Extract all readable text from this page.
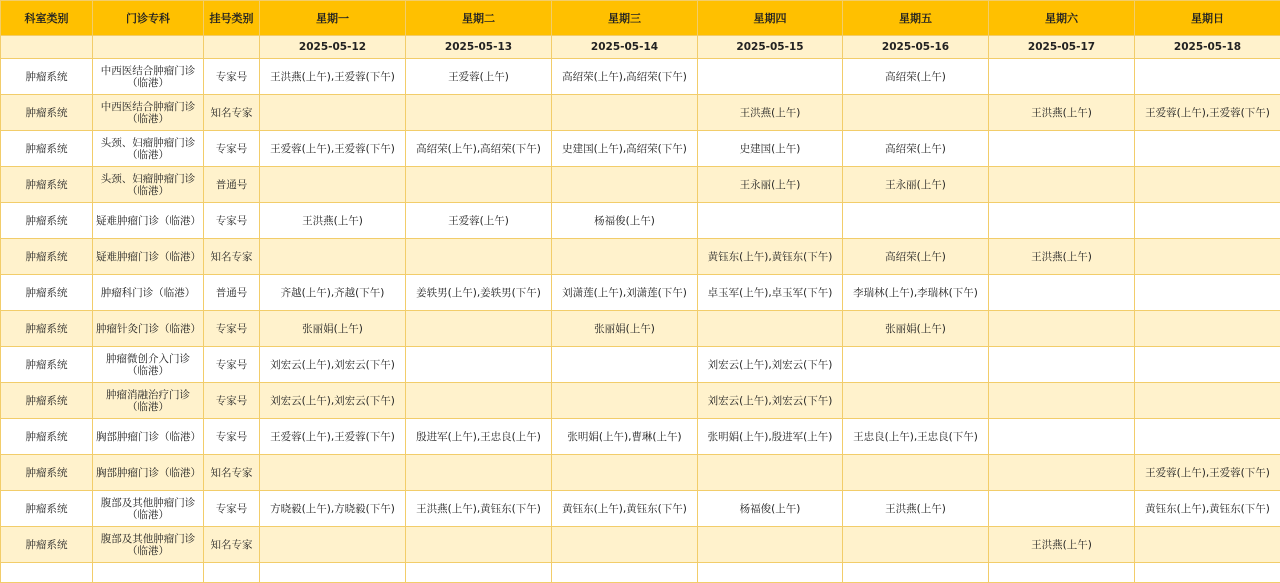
科室类别	门诊专科	挂号类别	星期一	星期二	星期三	星期四	星期五	星期六	星期日
			2025-05-12	2025-05-13	2025-05-14	2025-05-15	2025-05-16	2025-05-17	2025-05-18
肿瘤系统	中西医结合肿瘤门诊（临港）	专家号	王洪燕(上午),王爱蓉(下午)	王爱蓉(上午)	高绍荣(上午),高绍荣(下午)		高绍荣(上午)		
肿瘤系统	中西医结合肿瘤门诊（临港）	知名专家				王洪燕(上午)		王洪燕(上午)	王爱蓉(上午),王爱蓉(下午)
肿瘤系统	头颈、妇瘤肿瘤门诊（临港）	专家号	王爱蓉(上午),王爱蓉(下午)	高绍荣(上午),高绍荣(下午)	史建国(上午),高绍荣(下午)	史建国(上午)	高绍荣(上午)		
肿瘤系统	头颈、妇瘤肿瘤门诊（临港）	普通号				王永丽(上午)	王永丽(上午)		
肿瘤系统	疑难肿瘤门诊（临港）	专家号	王洪燕(上午)	王爱蓉(上午)	杨福俊(上午)				
肿瘤系统	疑难肿瘤门诊（临港）	知名专家				黄钰东(上午),黄钰东(下午)	高绍荣(上午)	王洪燕(上午)	
肿瘤系统	肿瘤科门诊（临港）	普通号	齐越(上午),齐越(下午)	姜轶男(上午),姜轶男(下午)	刘潇莲(上午),刘潇莲(下午)	卓玉军(上午),卓玉军(下午)	李瑞林(上午),李瑞林(下午)		
肿瘤系统	肿瘤针灸门诊（临港）	专家号	张丽娟(上午)		张丽娟(上午)		张丽娟(上午)		
肿瘤系统	肿瘤微创介入门诊（临港）	专家号	刘宏云(上午),刘宏云(下午)			刘宏云(上午),刘宏云(下午)			
肿瘤系统	肿瘤消融治疗门诊（临港）	专家号	刘宏云(上午),刘宏云(下午)			刘宏云(上午),刘宏云(下午)			
肿瘤系统	胸部肿瘤门诊（临港）	专家号	王爱蓉(上午),王爱蓉(下午)	殷进军(上午),王忠良(上午)	张明娟(上午),曹琳(上午)	张明娟(上午),殷进军(上午)	王忠良(上午),王忠良(下午)		
肿瘤系统	胸部肿瘤门诊（临港）	知名专家							王爱蓉(上午),王爱蓉(下午)
肿瘤系统	腹部及其他肿瘤门诊（临港）	专家号	方晓毅(上午),方晓毅(下午)	王洪燕(上午),黄钰东(下午)	黄钰东(上午),黄钰东(下午)	杨福俊(上午)	王洪燕(上午)		黄钰东(上午),黄钰东(下午)
肿瘤系统	腹部及其他肿瘤门诊（临港）	知名专家						王洪燕(上午)	
